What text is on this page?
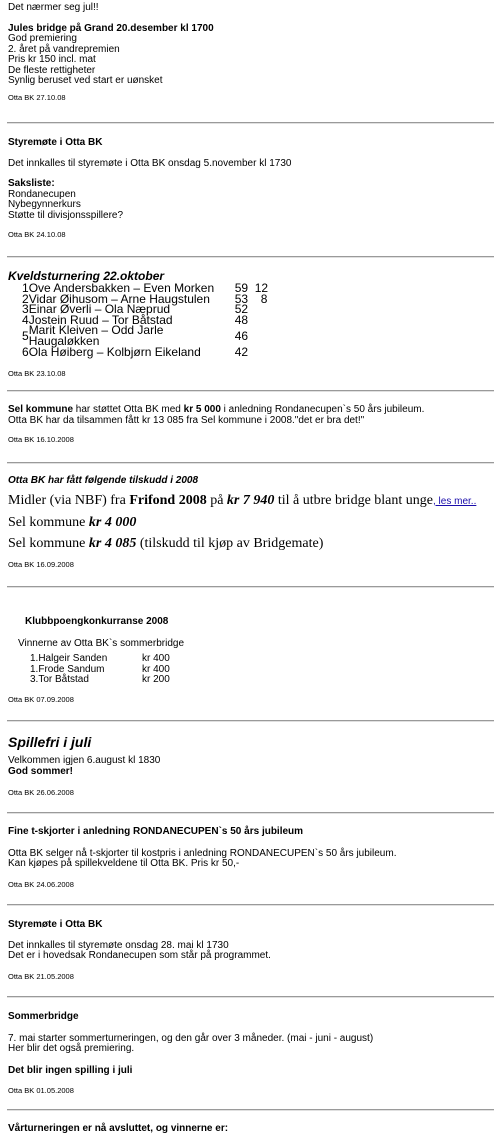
Det nærmer seg jul!!
Jules bridge på Grand 20.desember kl 1700
God premiering
2. året på vandrepremien
Pris kr 150 incl. mat
De fleste rettigheter
Synlig beruset ved start er uønsket
Otta BK 27.10.08
Styremøte i Otta BK
Det innkalles til styremøte i Otta BK onsdag 5.november kl 1730
Saksliste:
Rondanecupen
Nybegynnerkurs
Støtte til divisjonsspillere?
Otta BK 24.10.08
Kveldsturnering 22.oktober
1	Ove Andersbakken – Even Morken	59	12
2	Vidar Øihusom – Arne Haugstulen	53	8
3	Einar Øverli – Ola Næprud	52	
4	Jostein Ruud – Tor Båtstad	48	
5	Marit Kleiven – Odd Jarle Haugaløkken	46	
6	Ola Høiberg – Kolbjørn Eikeland	42	
Otta BK 23.10.08
Sel kommune har støttet Otta BK med kr 5 000 i anledning Rondanecupen`s 50 års jubileum.
Otta BK har da tilsammen fått kr 13 085 fra Sel kommune i 2008."det er bra det!"
Otta BK 16.10.2008
Otta BK har fått følgende tilskudd i 2008
Midler (via NBF) fra Frifond 2008 på kr 7 940 til å utbre bridge blant unge, les mer..
Sel kommune kr 4 000
Sel kommune kr 4 085 (tilskudd til kjøp av Bridgemate)
Otta BK 16.09.2008
Klubbpoengkonkurranse 2008
Vinnerne av Otta BK`s sommerbridge
1.Halgeir Sanden	kr 400
1.Frode Sandum	kr 400
3.Tor Båtstad	kr 200
Otta BK 07.09.2008
Spillefri i juli
Velkommen igjen 6.august kl 1830
God sommer!
Otta BK 26.06.2008
Fine t-skjorter i anledning RONDANECUPEN`s 50 års jubileum
Otta BK selger nå t-skjorter til kostpris i anledning RONDANECUPEN`s 50 års jubileum.
Kan kjøpes på spillekveldene til Otta BK. Pris kr 50,-
Otta BK 24.06.2008
Styremøte i Otta BK
Det innkalles til styremøte onsdag 28. mai kl 1730
Det er i hovedsak Rondanecupen som står på programmet.
Otta BK 21.05.2008
Sommerbridge
7. mai starter sommerturneringen, og den går over 3 måneder. (mai - juni - august)
Her blir det også premiering.
Det blir ingen spilling i juli
Otta BK 01.05.2008
Vårturneringen er nå avsluttet, og vinnerne er:
